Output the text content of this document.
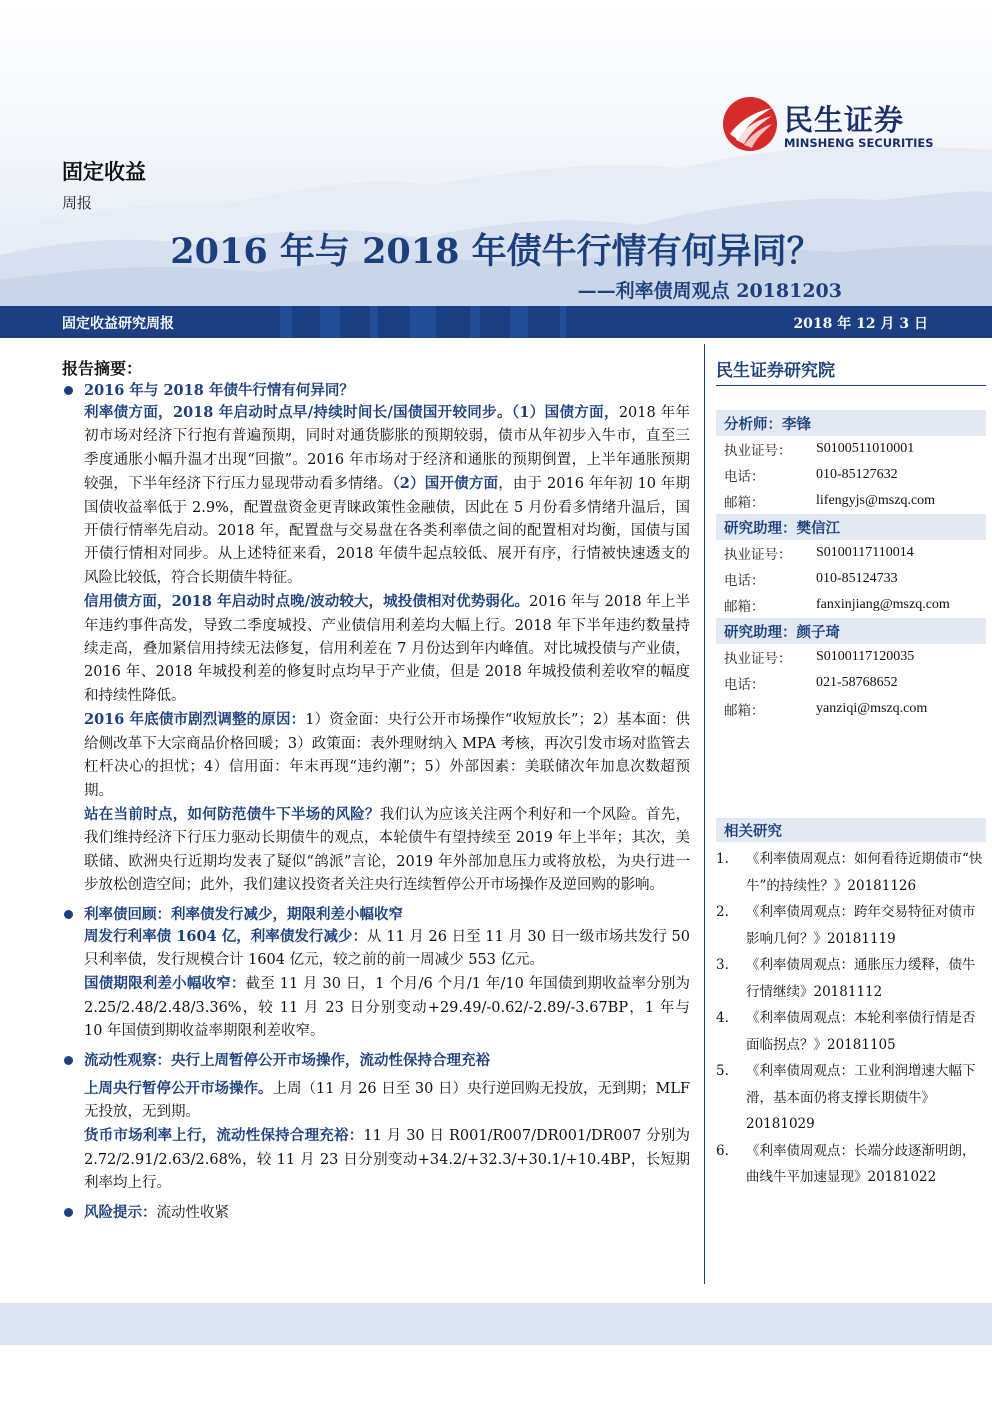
民生证券
MINSHENG SECURITIES
固定收益
周报
2016 年与 2018 年债牛行情有何异同？
——利率债周观点 20181203
固定收益研究周报	2018 年 12 月 3 日
报告摘要：
2016 年与 2018 年债牛行情有何异同？
利率债方面，2018 年启动时点早/持续时间长/国债国开较同步。（1）国债方面，2018 年年初市场对经济下行抱有普遍预期，同时对通货膨胀的预期较弱，债市从年初步入牛市，直至三季度通胀小幅升温才出现“回撤”。2016 年市场对于经济和通胀的预期倒置，上半年通胀预期较强，下半年经济下行压力显现带动看多情绪。（2）国开债方面，由于 2016 年年初 10 年期国债收益率低于 2.9%，配置盘资金更青睐政策性金融债，因此在 5 月份看多情绪升温后，国开债行情率先启动。2018 年，配置盘与交易盘在各类利率债之间的配置相对均衡，国债与国开债行情相对同步。从上述特征来看，2018 年债牛起点较低、展开有序，行情被快速透支的风险比较低，符合长期债牛特征。
信用债方面，2018 年启动时点晚/波动较大，城投债相对优势弱化。2016 年与 2018 年上半年违约事件高发，导致二季度城投、产业债信用利差均大幅上行。2018 年下半年违约数量持续走高，叠加紧信用持续无法修复，信用利差在 7 月份达到年内峰值。对比城投债与产业债，2016 年、2018 年城投利差的修复时点均早于产业债，但是 2018 年城投债利差收窄的幅度和持续性降低。
2016 年底债市剧烈调整的原因：1）资金面：央行公开市场操作“收短放长”；2）基本面：供给侧改革下大宗商品价格回暖；3）政策面：表外理财纳入 MPA 考核，再次引发市场对监管去杠杆决心的担忧；4）信用面：年末再现“违约潮”；5）外部因素：美联储次年加息次数超预期。
站在当前时点，如何防范债牛下半场的风险？我们认为应该关注两个利好和一个风险。首先，我们维持经济下行压力驱动长期债牛的观点，本轮债牛有望持续至 2019 年上半年；其次，美联储、欧洲央行近期均发表了疑似“鸽派”言论，2019 年外部加息压力或将放松，为央行进一步放松创造空间；此外，我们建议投资者关注央行连续暂停公开市场操作及逆回购的影响。
利率债回顾：利率债发行减少，期限利差小幅收窄
周发行利率债 1604 亿，利率债发行减少：从 11 月 26 日至 11 月 30 日一级市场共发行 50 只利率债，发行规模合计 1604 亿元，较之前的前一周减少 553 亿元。
国债期限利差小幅收窄：截至 11 月 30 日，1 个月/6 个月/1 年/10 年国债到期收益率分别为 2.25/2.48/2.48/3.36%，较 11 月 23 日分别变动+29.49/-0.62/-2.89/-3.67BP，1 年与 10 年国债到期收益率期限利差收窄。
流动性观察：央行上周暂停公开市场操作，流动性保持合理充裕
上周央行暂停公开市场操作。上周（11 月 26 日至 30 日）央行逆回购无投放，无到期；MLF 无投放，无到期。
货币市场利率上行，流动性保持合理充裕：11 月 30 日 R001/R007/DR001/DR007 分别为 2.72/2.91/2.63/2.68%，较 11 月 23 日分别变动+34.2/+32.3/+30.1/+10.4BP，长短期利率均上行。
风险提示：流动性收紧
民生证券研究院
分析师：李锋
执业证号：	S0100511010001
电话：	010-85127632
邮箱：	lifengyjs@mszq.com
研究助理：樊信江
执业证号：	S0100117110014
电话：	010-85124733
邮箱：	fanxinjiang@mszq.com
研究助理：颜子琦
执业证号：	S0100117120035
电话：	021-58768652
邮箱：	yanziqi@mszq.com
相关研究
1. 《利率债周观点：如何看待近期债市“快牛”的持续性？》20181126
2. 《利率债周观点：跨年交易特征对债市影响几何？》20181119
3. 《利率债周观点：通胀压力缓释，债牛行情继续》20181112
4. 《利率债周观点：本轮利率债行情是否面临拐点？》20181105
5. 《利率债周观点：工业利润增速大幅下滑，基本面仍将支撑长期债牛》20181029
6. 《利率债周观点：长端分歧逐渐明朗，曲线牛平加速显现》20181022
